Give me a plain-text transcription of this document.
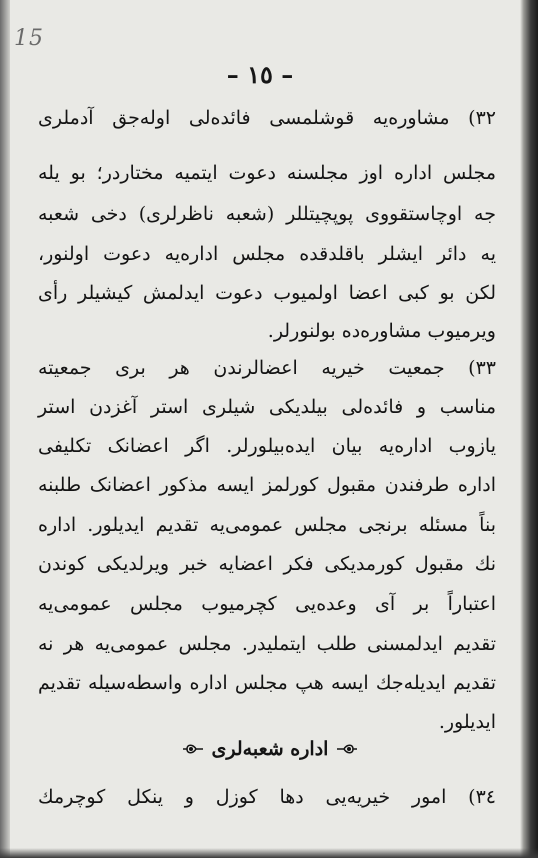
15
– ١٥ –
٣٢) مشاوره‌یه قوشلمسی فائده‌لی اوله‌جق آدملری
مجلس اداره اوز مجلسنه دعوت ایتمیه مختاردر؛ بو یله
جه اوچاستقووی پوپچیتللر (شعبه ناظرلری) دخی شعبه
یه دائر ایشلر باقلدقده مجلس اداره‌یه دعوت اولنور،
لکن بو کبی اعضا اولمیوب دعوت ایدلمش کیشیلر رأی
ویرمیوب مشاوره‌ده بولنورلر.
٣٣) جمعیت خیریه اعضالرندن هر بری جمعیته
مناسب و فائده‌لی بیلدیکی شیلری استر آغزدن استر
یازوب اداره‌یه بیان ایده‌بیلورلر. اگر اعضانک تکلیفی
اداره طرفندن مقبول کورلمز ایسه مذکور اعضانک طلبنه
بناً مسئله برنجی مجلس عمومی‌یه تقدیم ایدیلور. اداره
نك مقبول کورمدیکی فکر اعضایه خبر ویرلدیکی کوندن
اعتباراً بر آی وعده‌یی کچرمیوب مجلس عمومی‌یه
تقدیم ایدلمسنی طلب ایتملیدر. مجلس عمومی‌یه هر نه
تقدیم ایدیله‌جك ایسه هپ مجلس اداره واسطه‌سیله تقدیم
ایدیلور.
اداره شعبه‌لری
٣٤) امور خیریه‌یی دها کوزل و ینکل کوچرمك
